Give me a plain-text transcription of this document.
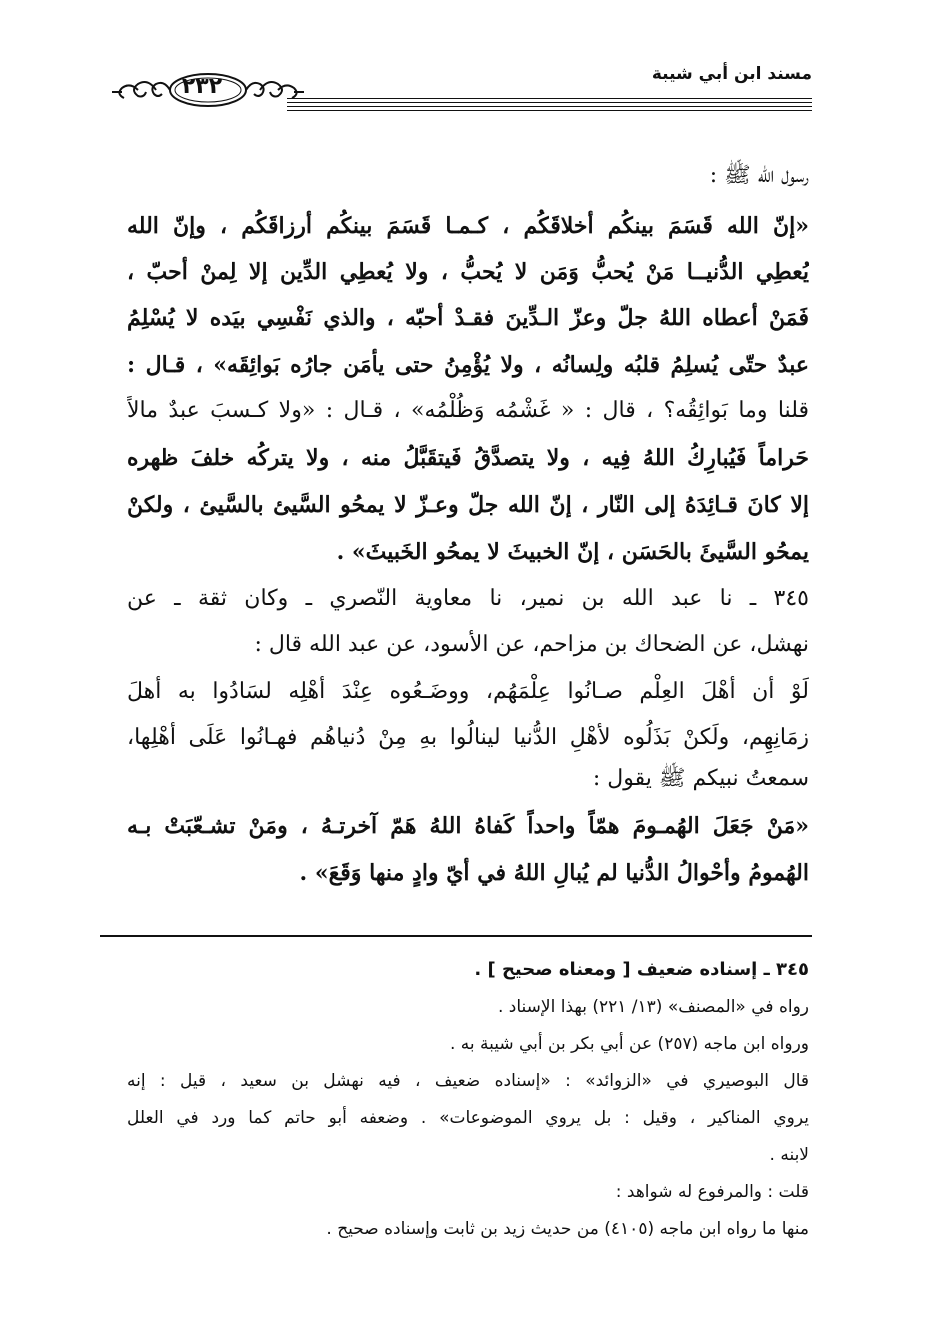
مسند ابن أبي شيبة
٢٣٢
رسول الله ﷺ :
«إنّ الله قَسَمَ بينكُم أخلاقَكُم ، كـمـا قَسَمَ بينكُم أرزاقَكُم ، وإنّ الله
يُعطِي الدُّنيــا مَنْ يُحبُّ وَمَن لا يُحبُّ ، ولا يُعطِي الدِّين إلا لِمنْ أحبّ ،
فَمَنْ أعطاه اللهُ جلّ وعزّ الـدِّينَ فقـدْ أحبّه ، والذي نَفْسِي بيَده لا يُسْلِمُ
عبدٌ حتّى يُسلِمُ قلبُه ولِسانُه ، ولا يُؤْمِنُ حتى يأمَن جارُه بَوائِقَه» ، قـال :
قلنا وما بَوائِقُه؟ ، قال : « غَشْمُه وَظُلْمُه» ، قـال : «ولا كـسبَ عبدٌ مالاً
حَراماً فَيُبارِكُ اللهُ فِيه ، ولا يتصدَّقُ فَيتقَبَّلُ منه ، ولا يتركُه خلفَ ظهره
إلا كانَ قـائِدَهُ إلى النّار ، إنّ الله جلّ وعـزّ لا يمحُو السَّيئ بالسَّيئ ، ولكنْ
يمحُو السَّيئَ بالحَسَن ، إنّ الخبيثَ لا يمحُو الخَبيثَ» .
٣٤٥ ـ نا عبد الله بن نمير، نا معاوية النّصري ـ وكان ثقة ـ عن
نهشل، عن الضحاك بن مزاحم، عن الأسود، عن عبد الله قال :
لَوْ أن أهْلَ العِلْم صـانُوا عِلْمَهُم، ووضَـعُوه عِنْدَ أهْلِه لسَادُوا به أهلَ
زمَانِهِم، ولَكنْ بَذَلُوه لأهْلِ الدُّنيا لينالُوا بهِ مِنْ دُنياهُم فهـانُوا عَلَى أهْلِها،
سمعتُ نبيكم ﷺ يقول :
«مَنْ جَعَلَ الهُمـومَ همّاً واحداً كَفاهُ اللهُ هَمّ آخرتـهُ ، ومَنْ تشـعّبَتْ بـه
الهُمومُ وأحْوالُ الدُّنيا لم يُبالِ اللهُ في أيّ وادٍ منها وَقَعَ» .
٣٤٥ ـ إسناده ضعيف [ ومعناه صحيح ] .
رواه في «المصنف» (١٣/ ٢٢١) بهذا الإسناد .
ورواه ابن ماجه (٢٥٧) عن أبي بكر بن أبي شيبة به .
قال البوصيري في «الزوائد» : «إسناده ضعيف ، فيه نهشل بن سعيد ، قيل : إنه
يروي المناكير ، وقيل : بل يروي الموضوعات» . وضعفه أبو حاتم كما ورد في العلل
لابنه .
قلت : والمرفوع له شواهد :
منها ما رواه ابن ماجه (٤١٠٥) من حديث زيد بن ثابت وإسناده صحيح .
